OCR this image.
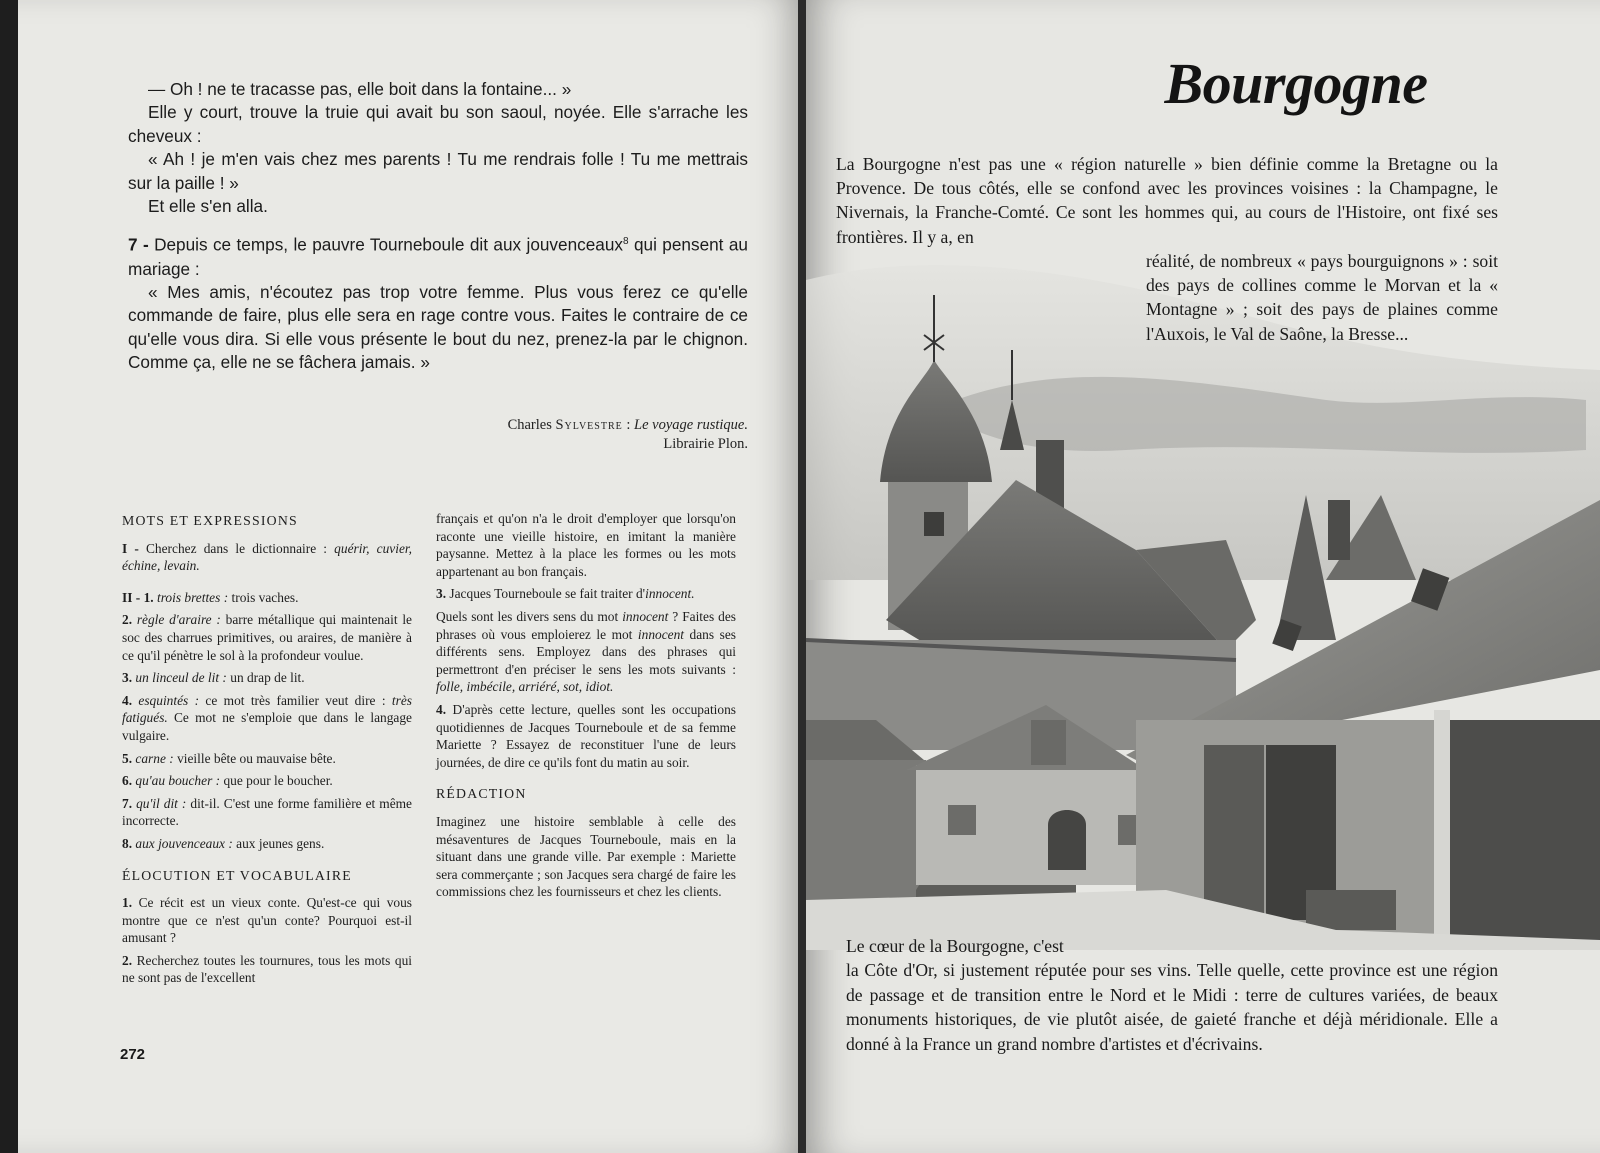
— Oh ! ne te tracasse pas, elle boit dans la fontaine... »

Elle y court, trouve la truie qui avait bu son saoul, noyée. Elle s'arrache les cheveux :

« Ah ! je m'en vais chez mes parents ! Tu me rendrais folle ! Tu me mettrais sur la paille ! »

Et elle s'en alla.

7 - Depuis ce temps, le pauvre Tourneboule dit aux jouvenceaux$^8$ qui pensent au mariage :

« Mes amis, n'écoutez pas trop votre femme. Plus vous ferez ce qu'elle commande de faire, plus elle sera en rage contre vous. Faites le contraire de ce qu'elle vous dira. Si elle vous présente le bout du nez, prenez-la par le chignon. Comme ça, elle ne se fâchera jamais. »

Charles Sylvestre : Le voyage rustique.
Librairie Plon.

MOTS ET EXPRESSIONS

I - Cherchez dans le dictionnaire : quérir, cuvier, échine, levain.

II - 1. trois brettes : trois vaches.

2. règle d'araire : barre métallique qui maintenait le soc des charrues primitives, ou araires, de manière à ce qu'il pénètre le sol à la profondeur voulue.

3. un linceul de lit : un drap de lit.

4. esquintés : ce mot très familier veut dire : très fatigués. Ce mot ne s'emploie que dans le langage vulgaire.

5. carne : vieille bête ou mauvaise bête.

6. qu'au boucher : que pour le boucher.

7. qu'il dit : dit-il. C'est une forme familière et même incorrecte.

8. aux jouvenceaux : aux jeunes gens.

ÉLOCUTION ET VOCABULAIRE

1. Ce récit est un vieux conte. Qu'est-ce qui vous montre que ce n'est qu'un conte? Pourquoi est-il amusant ?

2. Recherchez toutes les tournures, tous les mots qui ne sont pas de l'excellent

français et qu'on n'a le droit d'employer que lorsqu'on raconte une vieille histoire, en imitant la manière paysanne. Mettez à la place les formes ou les mots appartenant au bon français.

3. Jacques Tourneboule se fait traiter d'innocent.

Quels sont les divers sens du mot innocent ? Faites des phrases où vous emploierez le mot innocent dans ses différents sens. Employez dans des phrases qui permettront d'en préciser le sens les mots suivants : folle, imbécile, arriéré, sot, idiot.

4. D'après cette lecture, quelles sont les occupations quotidiennes de Jacques Tourneboule et de sa femme Mariette ? Essayez de reconstituer l'une de leurs journées, de dire ce qu'ils font du matin au soir.

RÉDACTION

Imaginez une histoire semblable à celle des mésaventures de Jacques Tourneboule, mais en la situant dans une grande ville. Par exemple : Mariette sera commerçante ; son Jacques sera chargé de faire les commissions chez les fournisseurs et chez les clients.

272
Bourgogne

La Bourgogne n'est pas une « région naturelle » bien définie comme la Bretagne ou la Provence. De tous côtés, elle se confond avec les provinces voisines : la Champagne, le Nivernais, la Franche-Comté. Ce sont les hommes qui, au cours de l'Histoire, ont fixé ses frontières. Il y a, en

réalité, de nombreux « pays bourguignons » : soit des pays de collines comme le Morvan et la « Montagne » ; soit des pays de plaines comme l'Auxois, le Val de Saône, la Bresse...

Le cœur de la Bourgogne, c'est

la Côte d'Or, si justement réputée pour ses vins. Telle quelle, cette province est une région de passage et de transition entre le Nord et le Midi : terre de cultures variées, de beaux monuments historiques, de vie plutôt aisée, de gaieté franche et déjà méridionale. Elle a donné à la France un grand nombre d'artistes et d'écrivains.
